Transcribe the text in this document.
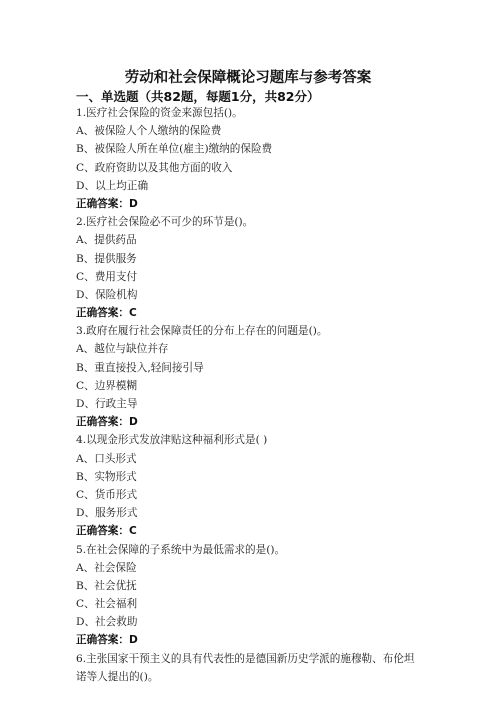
劳动和社会保障概论习题库与参考答案
一、单选题（共82题，每题1分，共82分）
1.医疗社会保险的资金来源包括()。
A、被保险人个人缴纳的保险费
B、被保险人所在单位(雇主)缴纳的保险费
C、政府资助以及其他方面的收入
D、以上均正确
正确答案：D
2.医疗社会保险必不可少的环节是()。
A、提供药品
B、提供服务
C、费用支付
D、保险机构
正确答案：C
3.政府在履行社会保障责任的分布上存在的问题是()。
A、越位与缺位并存
B、重直接投入,轻间接引导
C、边界模糊
D、行政主导
正确答案：D
4.以现金形式发放津贴这种福利形式是( )
A、口头形式
B、实物形式
C、货币形式
D、服务形式
正确答案：C
5.在社会保障的子系统中为最低需求的是()。
A、社会保险
B、社会优抚
C、社会福利
D、社会救助
正确答案：D
6.主张国家干预主义的具有代表性的是德国新历史学派的施穆勒、布伦坦诺等人提出的()。
